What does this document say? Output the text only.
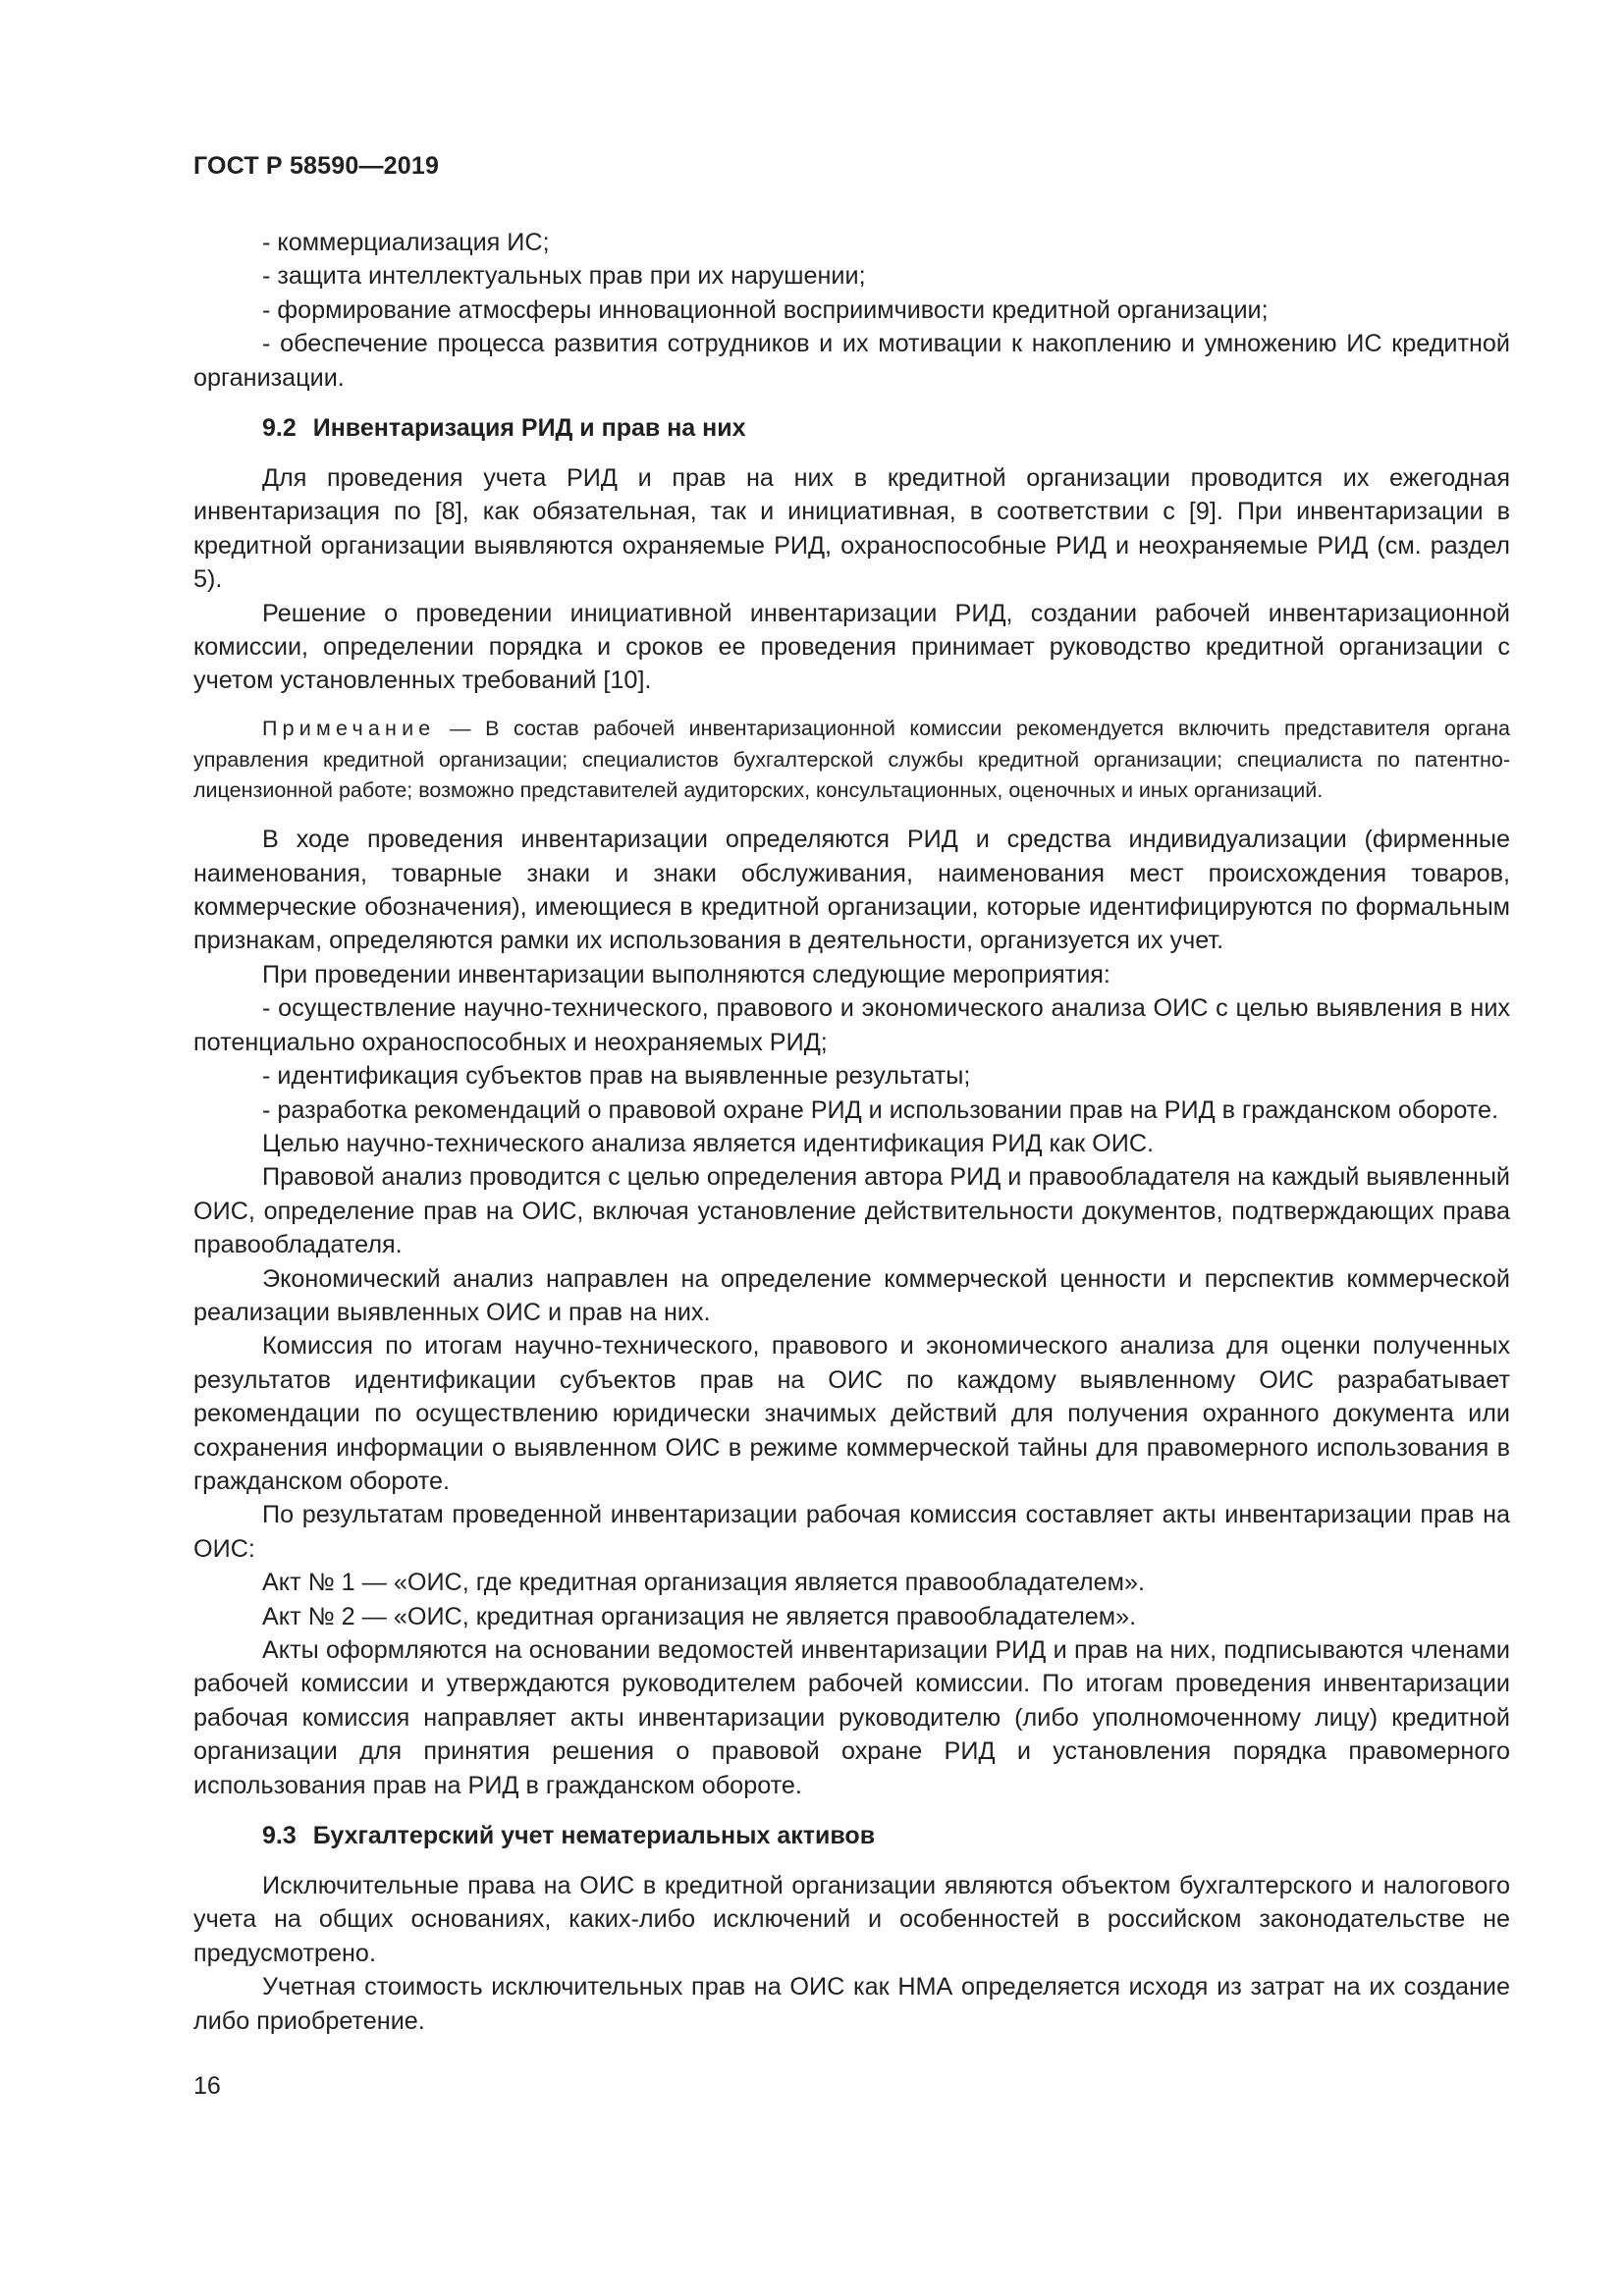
ГОСТ Р 58590—2019

- коммерциализация ИС;

- защита интеллектуальных прав при их нарушении;

- формирование атмосферы инновационной восприимчивости кредитной организации;

- обеспечение процесса развития сотрудников и их мотивации к накоплению и умножению ИС кредитной организации.

9.2 Инвентаризация РИД и прав на них

Для проведения учета РИД и прав на них в кредитной организации проводится их ежегодная инвентаризация по [8], как обязательная, так и инициативная, в соответствии с [9]. При инвентаризации в кредитной организации выявляются охраняемые РИД, охраноспособные РИД и неохраняемые РИД (см. раздел 5).

Решение о проведении инициативной инвентаризации РИД, создании рабочей инвентаризационной комиссии, определении порядка и сроков ее проведения принимает руководство кредитной организации с учетом установленных требований [10].

Примечание — В состав рабочей инвентаризационной комиссии рекомендуется включить представителя органа управления кредитной организации; специалистов бухгалтерской службы кредитной организации; специалиста по патентно-лицензионной работе; возможно представителей аудиторских, консультационных, оценочных и иных организаций.

В ходе проведения инвентаризации определяются РИД и средства индивидуализации (фирменные наименования, товарные знаки и знаки обслуживания, наименования мест происхождения товаров, коммерческие обозначения), имеющиеся в кредитной организации, которые идентифицируются по формальным признакам, определяются рамки их использования в деятельности, организуется их учет.

При проведении инвентаризации выполняются следующие мероприятия:

- осуществление научно-технического, правового и экономического анализа ОИС с целью выявления в них потенциально охраноспособных и неохраняемых РИД;

- идентификация субъектов прав на выявленные результаты;

- разработка рекомендаций о правовой охране РИД и использовании прав на РИД в гражданском обороте.

Целью научно-технического анализа является идентификация РИД как ОИС.

Правовой анализ проводится с целью определения автора РИД и правообладателя на каждый выявленный ОИС, определение прав на ОИС, включая установление действительности документов, подтверждающих права правообладателя.

Экономический анализ направлен на определение коммерческой ценности и перспектив коммерческой реализации выявленных ОИС и прав на них.

Комиссия по итогам научно-технического, правового и экономического анализа для оценки полученных результатов идентификации субъектов прав на ОИС по каждому выявленному ОИС разрабатывает рекомендации по осуществлению юридически значимых действий для получения охранного документа или сохранения информации о выявленном ОИС в режиме коммерческой тайны для правомерного использования в гражданском обороте.

По результатам проведенной инвентаризации рабочая комиссия составляет акты инвентаризации прав на ОИС:

Акт № 1 — «ОИС, где кредитная организация является правообладателем».

Акт № 2 — «ОИС, кредитная организация не является правообладателем».

Акты оформляются на основании ведомостей инвентаризации РИД и прав на них, подписываются членами рабочей комиссии и утверждаются руководителем рабочей комиссии. По итогам проведения инвентаризации рабочая комиссия направляет акты инвентаризации руководителю (либо уполномоченному лицу) кредитной организации для принятия решения о правовой охране РИД и установления порядка правомерного использования прав на РИД в гражданском обороте.

9.3 Бухгалтерский учет нематериальных активов

Исключительные права на ОИС в кредитной организации являются объектом бухгалтерского и налогового учета на общих основаниях, каких-либо исключений и особенностей в российском законодательстве не предусмотрено.

Учетная стоимость исключительных прав на ОИС как НМА определяется исходя из затрат на их создание либо приобретение.

16
